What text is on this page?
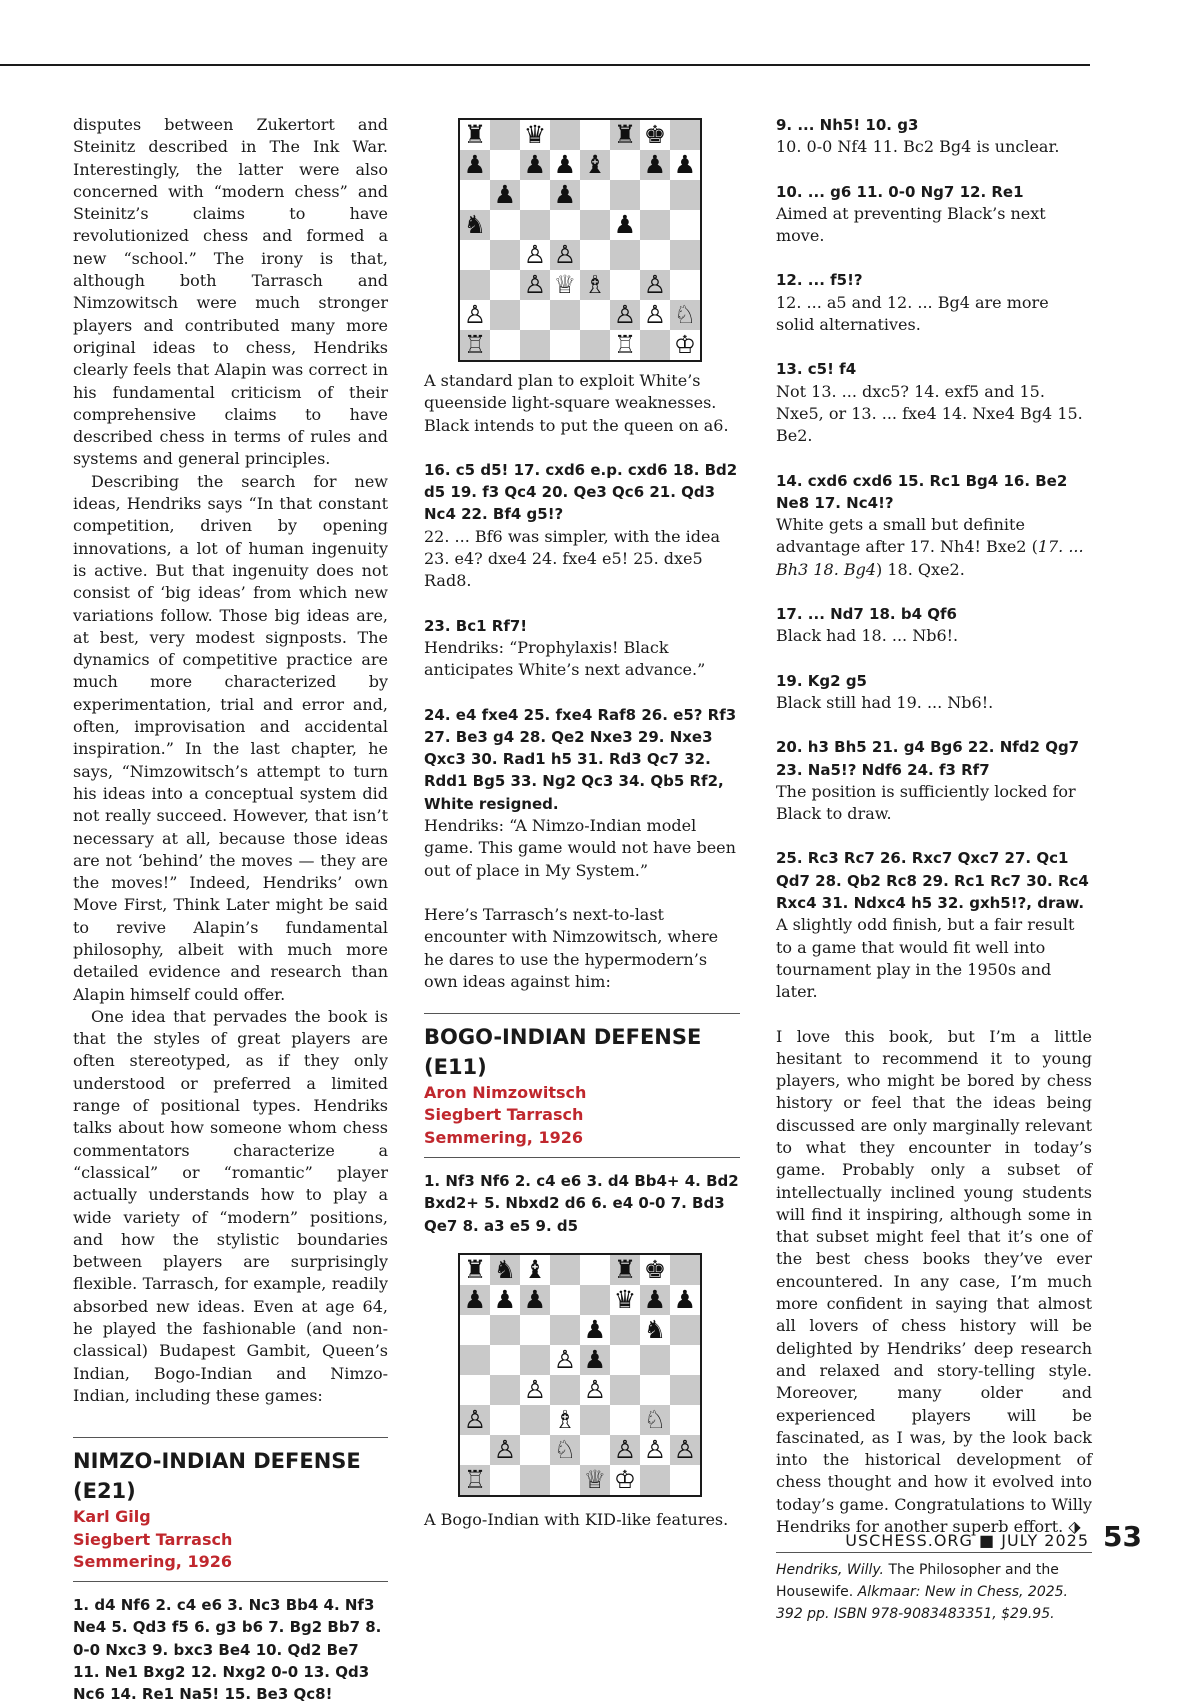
disputes between Zukertort and Steinitz described in The Ink War. Interestingly, the latter were also concerned with “modern chess” and Steinitz’s claims to have revolutionized chess and formed a new “school.” The irony is that, although both Tarrasch and Nimzowitsch were much stronger players and contributed many more original ideas to chess, Hendriks clearly feels that Alapin was correct in his fundamental criticism of their comprehensive claims to have described chess in terms of rules and systems and general principles.

Describing the search for new ideas, Hendriks says “In that constant competition, driven by opening innovations, a lot of human ingenuity is active. But that ingenuity does not consist of ‘big ideas’ from which new variations follow. Those big ideas are, at best, very modest signposts. The dynamics of competitive practice are much more characterized by experimentation, trial and error and, often, improvisation and accidental inspiration.” In the last chapter, he says, “Nimzowitsch’s attempt to turn his ideas into a conceptual system did not really succeed. However, that isn’t necessary at all, because those ideas are not ‘behind’ the moves — they are the moves!” Indeed, Hendriks’ own Move First, Think Later might be said to revive Alapin’s fundamental philosophy, albeit with much more detailed evidence and research than Alapin himself could offer.

One idea that pervades the book is that the styles of great players are often stereotyped, as if they only understood or preferred a limited range of positional types. Hendriks talks about how someone whom chess commentators characterize a “classical” or “romantic” player actually understands how to play a wide variety of “modern” positions, and how the stylistic boundaries between players are surprisingly flexible. Tarrasch, for example, readily absorbed new ideas. Even at age 64, he played the fashionable (and non-classical) Budapest Gambit, Queen’s Indian, Bogo-Indian and Nimzo-Indian, including these games:

NIMZO-INDIAN DEFENSE (E21)

Karl Gilg

Siegbert Tarrasch

Semmering, 1926

1. d4 Nf6 2. c4 e6 3. Nc3 Bb4 4. Nf3 Ne4 5. Qd3 f5 6. g3 b6 7. Bg2 Bb7 8. 0-0 Nxc3 9. bxc3 Be4 10. Qd2 Be7 11. Ne1 Bxg2 12. Nxg2 0-0 13. Qd3 Nc6 14. Re1 Na5! 15. Be3 Qc8!

♜ ♛	♜ ♚
♟ ♟ ♟ ♝ ♟ ♟
♟ ♟
♞	♟
♙ ♙
♙ ♕ ♗ ♙
♙	♙ ♙ ♘
♖	♖ ♔

A standard plan to exploit White’s queenside light-square weaknesses. Black intends to put the queen on a6.

16. c5 d5! 17. cxd6 e.p. cxd6 18. Bd2 d5 19. f3 Qc4 20. Qe3 Qc6 21. Qd3 Nc4 22. Bf4 g5!?

22. ... Bf6 was simpler, with the idea 23. e4? dxe4 24. fxe4 e5! 25. dxe5 Rad8.

23. Bc1 Rf7!

Hendriks: “Prophylaxis! Black anticipates White’s next advance.”

24. e4 fxe4 25. fxe4 Raf8 26. e5? Rf3 27. Be3 g4 28. Qe2 Nxe3 29. Nxe3 Qxc3 30. Rad1 h5 31. Rd3 Qc7 32. Rdd1 Bg5 33. Ng2 Qc3 34. Qb5 Rf2, White resigned.

Hendriks: “A Nimzo-Indian model game. This game would not have been out of place in My System.”

Here’s Tarrasch’s next-to-last encounter with Nimzowitsch, where he dares to use the hypermodern’s own ideas against him:

BOGO-INDIAN DEFENSE (E11)

Aron Nimzowitsch

Siegbert Tarrasch

Semmering, 1926

1. Nf3 Nf6 2. c4 e6 3. d4 Bb4+ 4. Bd2 Bxd2+ 5. Nbxd2 d6 6. e4 0-0 7. Bd3 Qe7 8. a3 e5 9. d5

♜ ♞ ♝	♜ ♚
♟ ♟ ♟	♛ ♟ ♟
♟ ♞
♙ ♟
♙ ♙
♙	♗	♘
♙ ♘ ♙ ♙ ♙
♖	♕ ♔

A Bogo-Indian with KID-like features.

9. ... Nh5! 10. g3

10. 0-0 Nf4 11. Bc2 Bg4 is unclear.

10. ... g6 11. 0-0 Ng7 12. Re1

Aimed at preventing Black’s next move.

12. ... f5!?

12. ... a5 and 12. ... Bg4 are more solid alternatives.

13. c5! f4

Not 13. ... dxc5? 14. exf5 and 15. Nxe5, or 13. ... fxe4 14. Nxe4 Bg4 15. Be2.

14. cxd6 cxd6 15. Rc1 Bg4 16. Be2 Ne8 17. Nc4!?

White gets a small but definite advantage after 17. Nh4! Bxe2 (17. ... Bh3 18. Bg4) 18. Qxe2.

17. ... Nd7 18. b4 Qf6

Black had 18. ... Nb6!.

19. Kg2 g5

Black still had 19. ... Nb6!.

20. h3 Bh5 21. g4 Bg6 22. Nfd2 Qg7 23. Na5!? Ndf6 24. f3 Rf7

The position is sufficiently locked for Black to draw.

25. Rc3 Rc7 26. Rxc7 Qxc7 27. Qc1 Qd7 28. Qb2 Rc8 29. Rc1 Rc7 30. Rc4 Rxc4 31. Ndxc4 h5 32. gxh5!?, draw.

A slightly odd finish, but a fair result to a game that would fit well into tournament play in the 1950s and later.

I love this book, but I’m a little hesitant to recommend it to young players, who might be bored by chess history or feel that the ideas being discussed are only marginally relevant to what they encounter in today’s game. Probably only a subset of intellectually inclined young students will find it inspiring, although some in that subset might feel that it’s one of the best chess books they’ve ever encountered. In any case, I’m much more confident in saying that almost all lovers of chess history will be delighted by Hendriks’ deep research and relaxed and story-telling style. Moreover, many older and experienced players will be fascinated, as I was, by the look back into the historical development of chess thought and how it evolved into today’s game. Congratulations to Willy Hendriks for another superb effort. ⬗

Hendriks, Willy. The Philosopher and the Housewife. Alkmaar: New in Chess, 2025. 392 pp. ISBN 978-9083483351, $29.95.

USCHESS.ORG ■ JULY 2025 53
